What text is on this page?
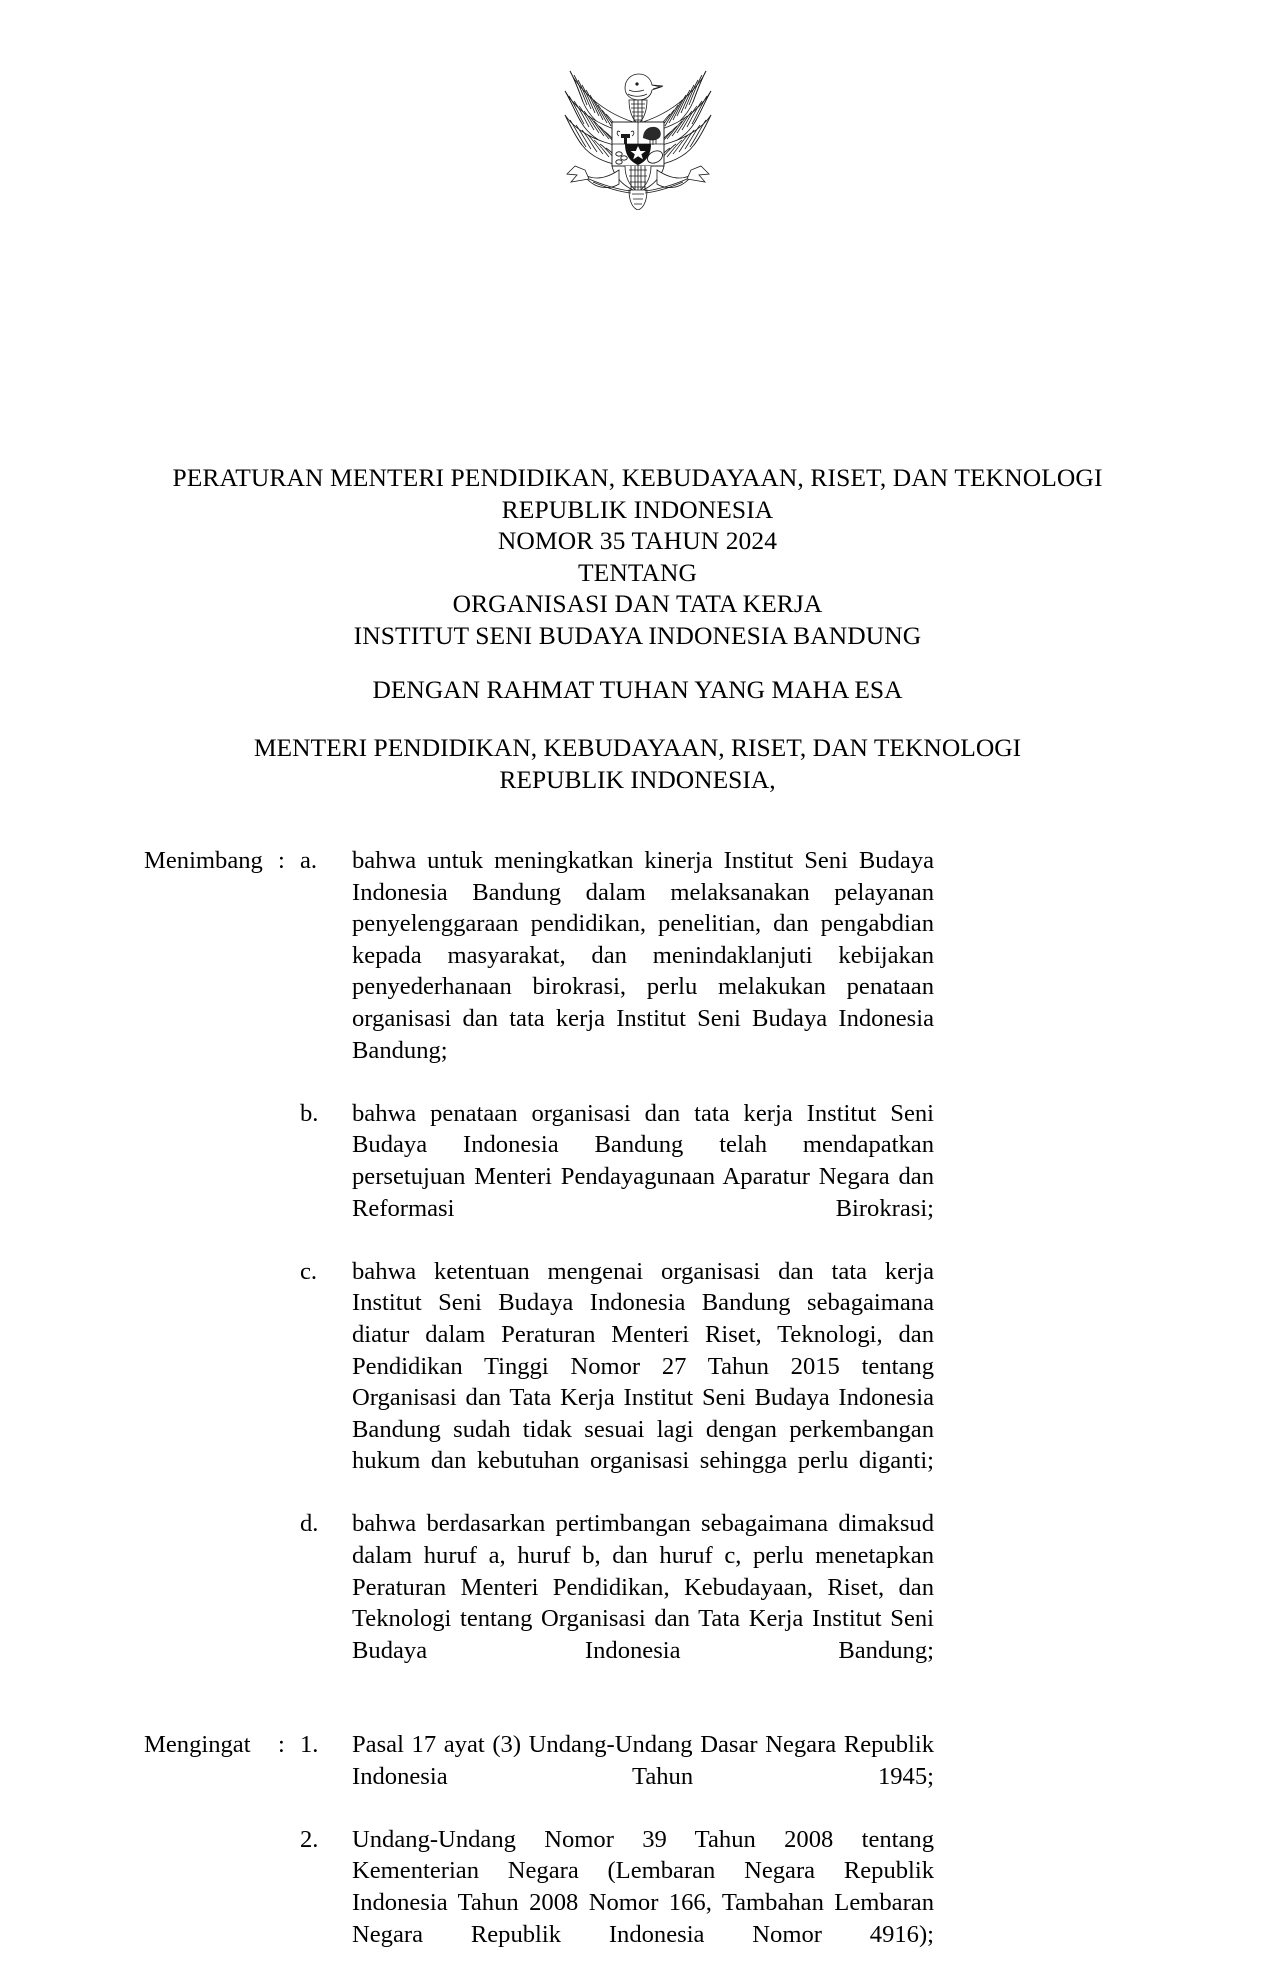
PERATURAN MENTERI PENDIDIKAN, KEBUDAYAAN, RISET, DAN TEKNOLOGI
REPUBLIK INDONESIA
NOMOR 35 TAHUN 2024
TENTANG
ORGANISASI DAN TATA KERJA
INSTITUT SENI BUDAYA INDONESIA BANDUNG
DENGAN RAHMAT TUHAN YANG MAHA ESA
MENTERI PENDIDIKAN, KEBUDAYAAN, RISET, DAN TEKNOLOGI
REPUBLIK INDONESIA,
Menimbang : a.	bahwa untuk meningkatkan kinerja Institut Seni Budaya Indonesia Bandung dalam melaksanakan pelayanan penyelenggaraan pendidikan, penelitian, dan pengabdian kepada masyarakat, dan menindaklanjuti kebijakan penyederhanaan birokrasi, perlu melakukan penataan organisasi dan tata kerja Institut Seni Budaya Indonesia Bandung;
b.	bahwa penataan organisasi dan tata kerja Institut Seni Budaya Indonesia Bandung telah mendapatkan persetujuan Menteri Pendayagunaan Aparatur Negara dan Reformasi Birokrasi;
c.	bahwa ketentuan mengenai organisasi dan tata kerja Institut Seni Budaya Indonesia Bandung sebagaimana diatur dalam Peraturan Menteri Riset, Teknologi, dan Pendidikan Tinggi Nomor 27 Tahun 2015 tentang Organisasi dan Tata Kerja Institut Seni Budaya Indonesia Bandung sudah tidak sesuai lagi dengan perkembangan hukum dan kebutuhan organisasi sehingga perlu diganti;
d.	bahwa berdasarkan pertimbangan sebagaimana dimaksud dalam huruf a, huruf b, dan huruf c, perlu menetapkan Peraturan Menteri Pendidikan, Kebudayaan, Riset, dan Teknologi tentang Organisasi dan Tata Kerja Institut Seni Budaya Indonesia Bandung;
Mengingat	: 1.	Pasal 17 ayat (3) Undang-Undang Dasar Negara Republik Indonesia Tahun 1945;
2.	Undang-Undang Nomor 39 Tahun 2008 tentang Kementerian Negara (Lembaran Negara Republik Indonesia Tahun 2008 Nomor 166, Tambahan Lembaran Negara Republik Indonesia Nomor 4916);
